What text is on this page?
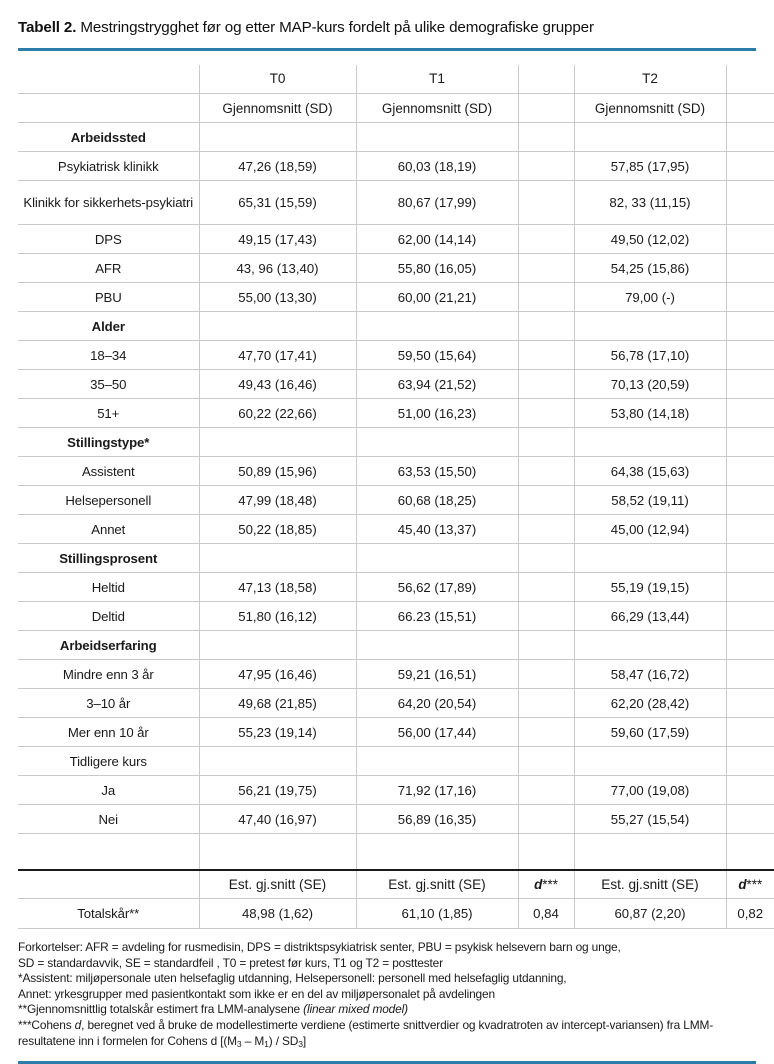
Tabell 2. Mestringstrygghet før og etter MAP-kurs fordelt på ulike demografiske grupper
	T0	T1		T2	
	Gjennomsnitt (SD)	Gjennomsnitt (SD)		Gjennomsnitt (SD)	
Arbeidssted					
Psykiatrisk klinikk	47,26 (18,59)	60,03 (18,19)		57,85 (17,95)	
Klinikk for sikkerhets-psykiatri	65,31 (15,59)	80,67 (17,99)		82, 33 (11,15)	
DPS	49,15 (17,43)	62,00 (14,14)		49,50 (12,02)	
AFR	43, 96 (13,40)	55,80 (16,05)		54,25 (15,86)	
PBU	55,00 (13,30)	60,00 (21,21)		79,00 (-)	
Alder					
18–34	47,70 (17,41)	59,50 (15,64)		56,78 (17,10)	
35–50	49,43 (16,46)	63,94 (21,52)		70,13 (20,59)	
51+	60,22 (22,66)	51,00 (16,23)		53,80 (14,18)	
Stillingstype*					
Assistent	50,89 (15,96)	63,53 (15,50)		64,38 (15,63)	
Helsepersonell	47,99 (18,48)	60,68 (18,25)		58,52 (19,11)	
Annet	50,22 (18,85)	45,40 (13,37)		45,00 (12,94)	
Stillingsprosent					
Heltid	47,13 (18,58)	56,62 (17,89)		55,19 (19,15)	
Deltid	51,80 (16,12)	66.23 (15,51)		66,29 (13,44)	
Arbeidserfaring					
Mindre enn 3 år	47,95 (16,46)	59,21 (16,51)		58,47 (16,72)	
3–10 år	49,68 (21,85)	64,20 (20,54)		62,20 (28,42)	
Mer enn 10 år	55,23 (19,14)	56,00 (17,44)		59,60 (17,59)	
Tidligere kurs					
Ja	56,21 (19,75)	71,92 (17,16)		77,00 (19,08)	
Nei	47,40 (16,97)	56,89 (16,35)		55,27 (15,54)	

	Est. gj.snitt (SE)	Est. gj.snitt (SE)	d***	Est. gj.snitt (SE)	d***
Totalskår**	48,98 (1,62)	61,10 (1,85)	0,84	60,87 (2,20)	0,82

Forkortelser: AFR = avdeling for rusmedisin, DPS = distriktspsykiatrisk senter, PBU = psykisk helsevern barn og unge,

SD = standardavvik, SE = standardfeil , T0 = pretest før kurs, T1 og T2 = posttester

*Assistent: miljøpersonale uten helsefaglig utdanning, Helsepersonell: personell med helsefaglig utdanning,

Annet: yrkesgrupper med pasientkontakt som ikke er en del av miljøpersonalet på avdelingen

**Gjennomsnittlig totalskår estimert fra LMM-analysene (linear mixed model)

***Cohens d, beregnet ved å bruke de modellestimerte verdiene (estimerte snittverdier og kvadratroten av intercept-variansen) fra LMM-resultatene inn i formelen for Cohens d $[(M_3 - M_1) / SD_3]$
